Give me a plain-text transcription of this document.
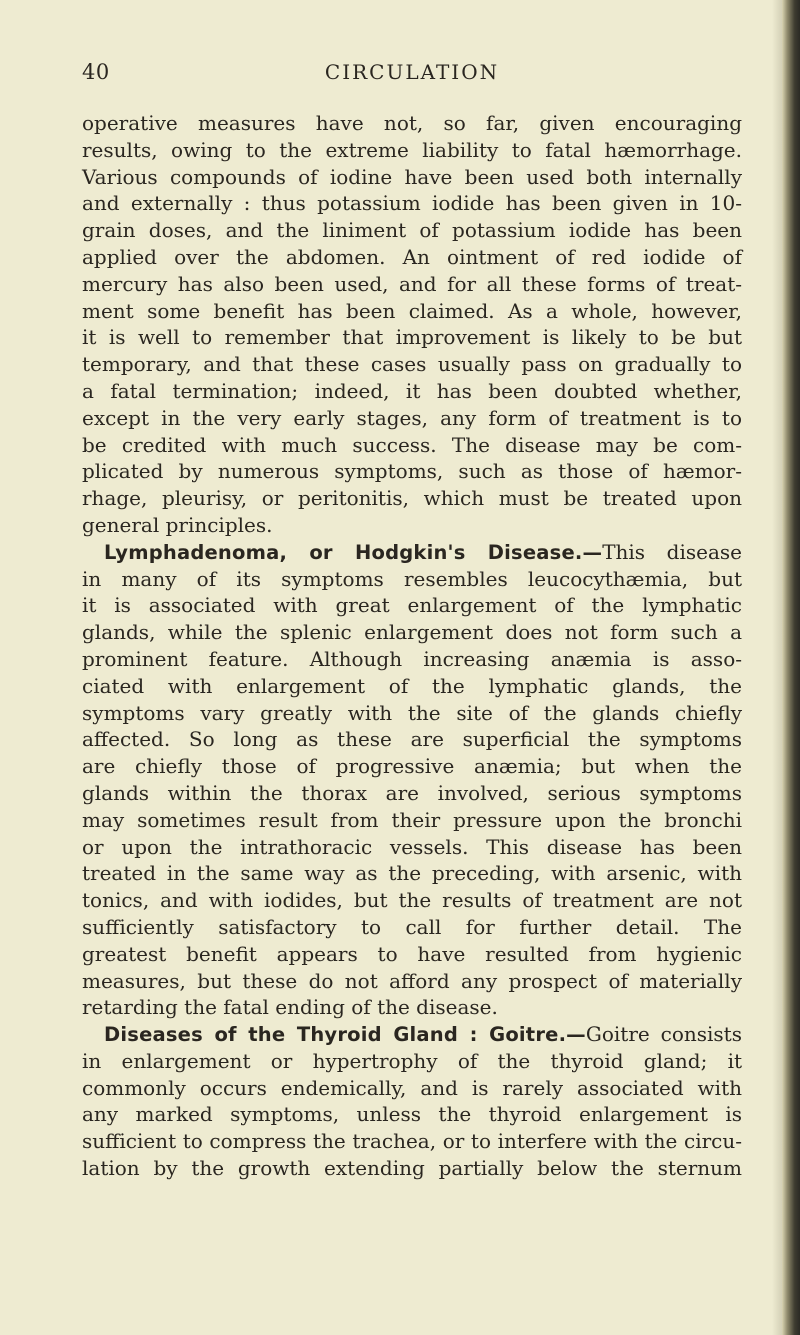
40	CIRCULATION
operative measures have not, so far, given encouraging
results, owing to the extreme liability to fatal hæmorrhage.
Various compounds of iodine have been used both internally
and externally : thus potassium iodide has been given in 10-
grain doses, and the liniment of potassium iodide has been
applied over the abdomen. An ointment of red iodide of
mercury has also been used, and for all these forms of treat-
ment some benefit has been claimed. As a whole, however,
it is well to remember that improvement is likely to be but
temporary, and that these cases usually pass on gradually to
a fatal termination; indeed, it has been doubted whether,
except in the very early stages, any form of treatment is to
be credited with much success. The disease may be com-
plicated by numerous symptoms, such as those of hæmor-
rhage, pleurisy, or peritonitis, which must be treated upon
general principles.
Lymphadenoma, or Hodgkin's Disease.—This disease
in many of its symptoms resembles leucocythæmia, but
it is associated with great enlargement of the lymphatic
glands, while the splenic enlargement does not form such a
prominent feature. Although increasing anæmia is asso-
ciated with enlargement of the lymphatic glands, the
symptoms vary greatly with the site of the glands chiefly
affected. So long as these are superficial the symptoms
are chiefly those of progressive anæmia; but when the
glands within the thorax are involved, serious symptoms
may sometimes result from their pressure upon the bronchi
or upon the intrathoracic vessels. This disease has been
treated in the same way as the preceding, with arsenic, with
tonics, and with iodides, but the results of treatment are not
sufficiently satisfactory to call for further detail. The
greatest benefit appears to have resulted from hygienic
measures, but these do not afford any prospect of materially
retarding the fatal ending of the disease.
Diseases of the Thyroid Gland : Goitre.—Goitre consists
in enlargement or hypertrophy of the thyroid gland; it
commonly occurs endemically, and is rarely associated with
any marked symptoms, unless the thyroid enlargement is
sufficient to compress the trachea, or to interfere with the circu-
lation by the growth extending partially below the sternum
